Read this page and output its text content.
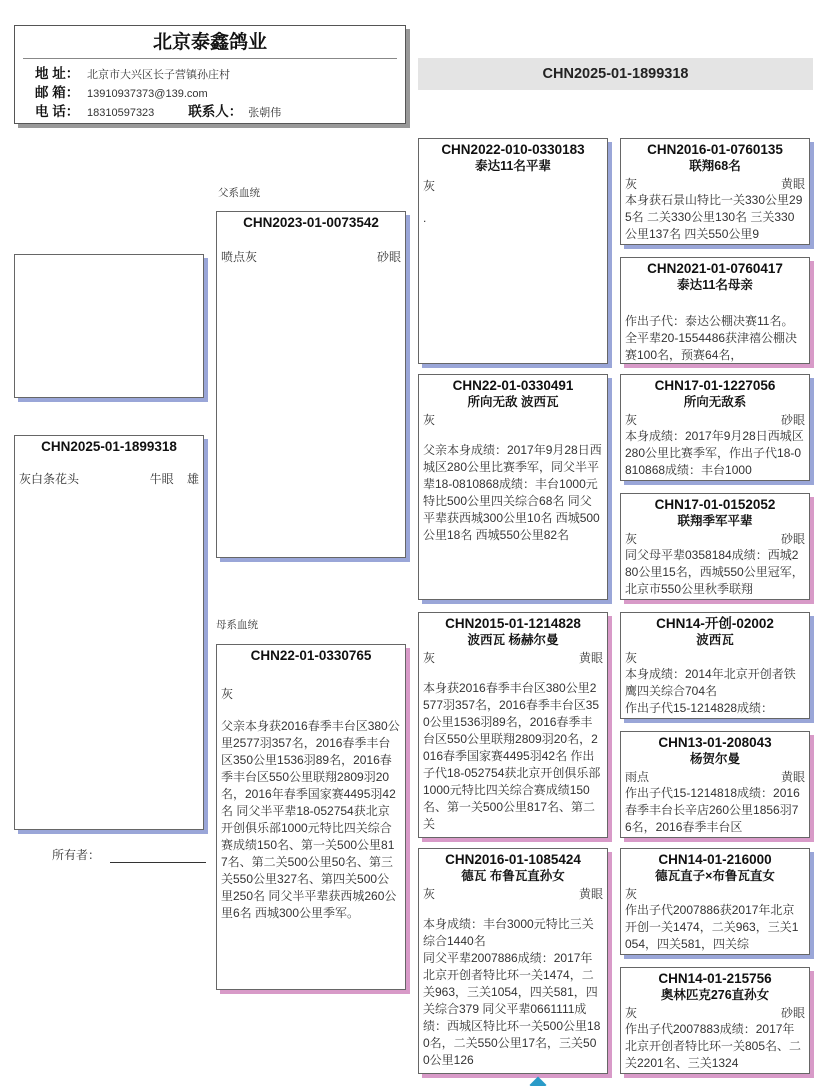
北京泰鑫鸽业
地 址： 北京市大兴区长子营镇孙庄村
邮 箱： 13910937373@139.com
电 话： 18310597323	联系人： 张朝伟
CHN2025-01-1899318
CHN2025-01-1899318
灰白条花头	牛眼 雄
父系血统
母系血统
CHN2023-01-0073542
喷点灰	砂眼
CHN22-01-0330765
灰
父亲本身获2016春季丰台区380公里2577羽357名，2016春季丰台区350公里1536羽89名，2016春季丰台区550公里联翔2809羽20名，2016年春季国家赛4495羽42名 同父半平辈18-052754获北京开创俱乐部1000元特比四关综合赛成绩150名、第一关500公里817名、第二关500公里50名、第三关550公里327名、第四关500公里250名 同父半平辈获西城260公里6名 西城300公里季军。
所有者：
CHN2022-010-0330183
泰达11名平辈
灰
.
CHN22-01-0330491
所向无敌 波西瓦
灰
父亲本身成绩：2017年9月28日西城区280公里比赛季军，同父半平辈18-0810868成绩：丰台1000元特比500公里四关综合68名 同父平辈获西城300公里10名 西城500公里18名 西城550公里82名
CHN2015-01-1214828
波西瓦 杨赫尔曼
灰	黄眼
本身获2016春季丰台区380公里2577羽357名，2016春季丰台区350公里1536羽89名，2016春季丰台区550公里联翔2809羽20名，2016春季国家赛4495羽42名 作出子代18-052754获北京开创俱乐部1000元特比四关综合赛成绩150名、第一关500公里817名、第二关
CHN2016-01-1085424
德瓦 布鲁瓦直孙女
灰	黄眼
本身成绩：丰台3000元特比三关综合1440名
同父平辈2007886成绩：2017年北京开创者特比环一关1474，二关963，三关1054，四关581，四关综合379 同父平辈0661111成绩：西城区特比环一关500公里180名，二关550公里17名，三关500公里126
CHN2016-01-0760135
联翔68名
灰	黄眼
本身获石景山特比一关330公里295名 二关330公里130名 三关330公里137名 四关550公里9
CHN2021-01-0760417
泰达11名母亲
作出子代：泰达公棚决赛11名。全平辈20-1554486获津禧公棚决赛100名，预赛64名，
CHN17-01-1227056
所向无敌系
灰	砂眼
本身成绩：2017年9月28日西城区280公里比赛季军，作出子代18-0810868成绩：丰台1000
CHN17-01-0152052
联翔季军平辈
灰	砂眼
同父母平辈0358184成绩：西城280公里15名，西城550公里冠军，北京市550公里秋季联翔
CHN14-开创-02002
波西瓦
灰
本身成绩：2014年北京开创者铁鹰四关综合704名
作出子代15-1214828成绩：
CHN13-01-208043
杨贺尔曼
雨点	黄眼
作出子代15-1214818成绩：2016春季丰台长辛店260公里1856羽76名，2016春季丰台区
CHN14-01-216000
德瓦直子×布鲁瓦直女
灰
作出子代2007886获2017年北京开创一关1474，二关963，三关1054，四关581，四关综
CHN14-01-215756
奥林匹克276直孙女
灰	砂眼
作出子代2007883成绩：2017年北京开创者特比环一关805名、二关2201名、三关1324
